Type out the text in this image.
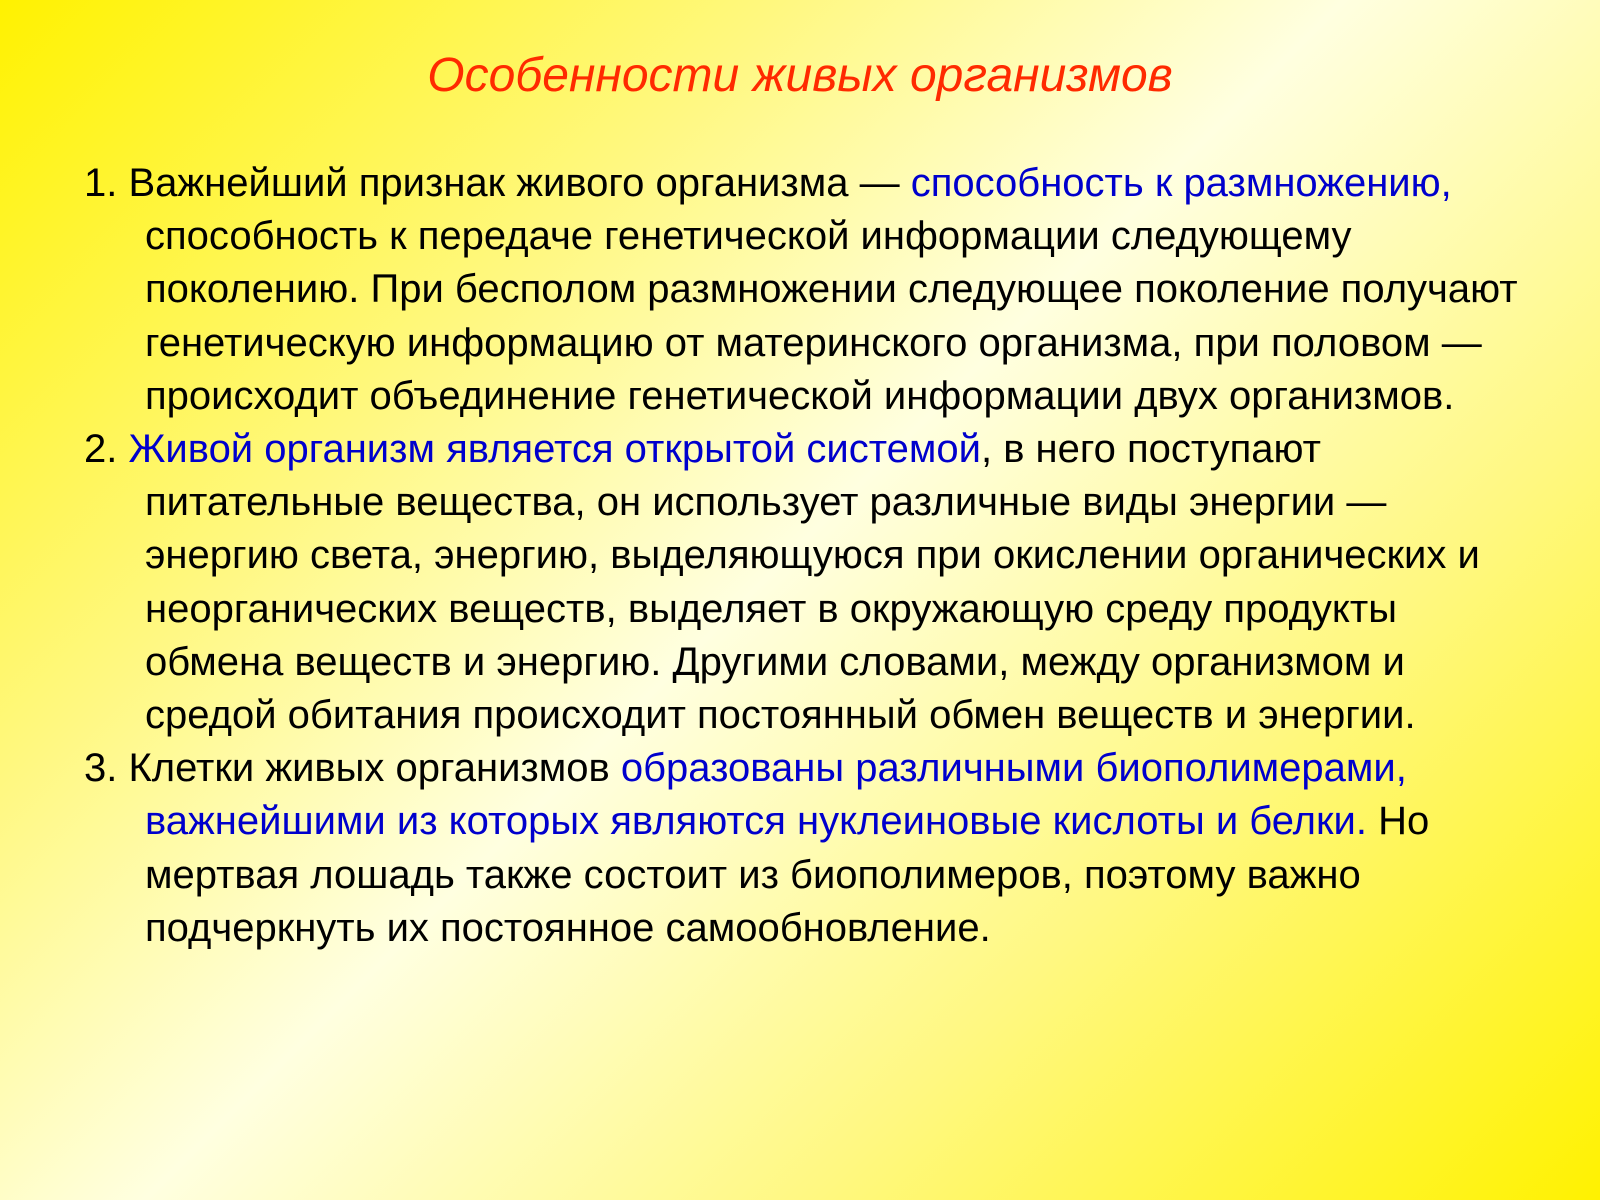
Особенности живых организмов

1. Важнейший признак живого организма — способность к размножению, способность к передаче генетической информации следующему поколению. При бесполом размножении следующее поколение получают генетическую информацию от материнского организма, при половом — происходит объединение генетической информации двух организмов.

2. Живой организм является открытой системой, в него поступают питательные вещества, он использует различные виды энергии — энергию света, энергию, выделяющуюся при окислении органических и неорганических веществ, выделяет в окружающую среду продукты обмена веществ и энергию. Другими словами, между организмом и средой обитания происходит постоянный обмен веществ и энергии.

3. Клетки живых организмов образованы различными биополимерами, важнейшими из которых являются нуклеиновые кислоты и белки. Но мертвая лошадь также состоит из биополимеров, поэтому важно подчеркнуть их постоянное самообновление.
